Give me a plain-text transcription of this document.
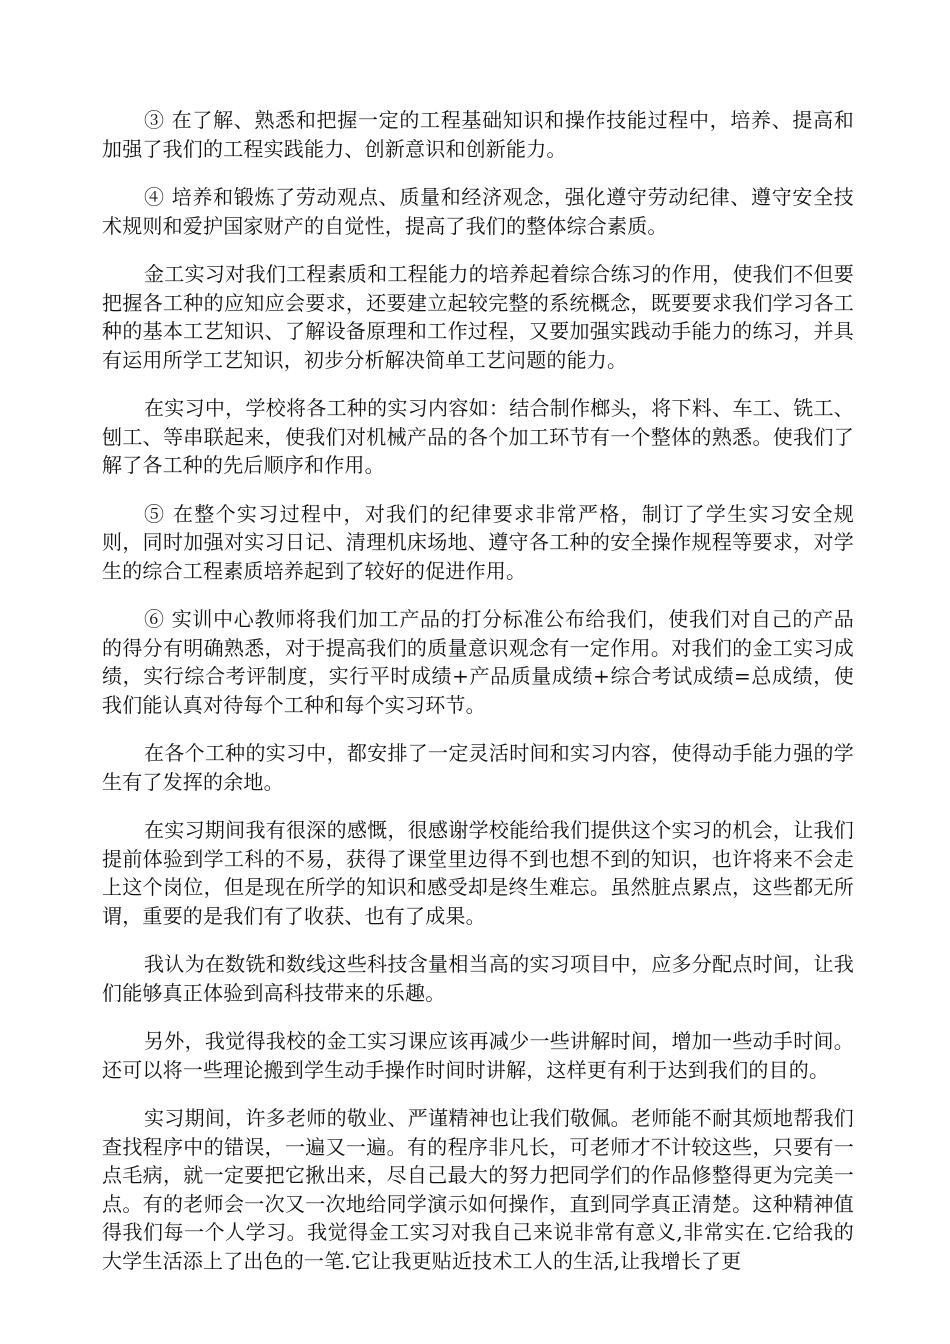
③ 在了解、熟悉和把握一定的工程基础知识和操作技能过程中，培养、提高和加强了我们的工程实践能力、创新意识和创新能力。

④ 培养和锻炼了劳动观点、质量和经济观念，强化遵守劳动纪律、遵守安全技术规则和爱护国家财产的自觉性，提高了我们的整体综合素质。

金工实习对我们工程素质和工程能力的培养起着综合练习的作用，使我们不但要把握各工种的应知应会要求，还要建立起较完整的系统概念，既要要求我们学习各工种的基本工艺知识、了解设备原理和工作过程，又要加强实践动手能力的练习，并具有运用所学工艺知识，初步分析解决简单工艺问题的能力。

在实习中，学校将各工种的实习内容如：结合制作榔头，将下料、车工、铣工、刨工、等串联起来，使我们对机械产品的各个加工环节有一个整体的熟悉。使我们了解了各工种的先后顺序和作用。

⑤ 在整个实习过程中，对我们的纪律要求非常严格，制订了学生实习安全规则，同时加强对实习日记、清理机床场地、遵守各工种的安全操作规程等要求，对学生的综合工程素质培养起到了较好的促进作用。

⑥ 实训中心教师将我们加工产品的打分标准公布给我们，使我们对自己的产品的得分有明确熟悉，对于提高我们的质量意识观念有一定作用。对我们的金工实习成绩，实行综合考评制度，实行平时成绩+产品质量成绩+综合考试成绩=总成绩，使我们能认真对待每个工种和每个实习环节。

在各个工种的实习中，都安排了一定灵活时间和实习内容，使得动手能力强的学生有了发挥的余地。

在实习期间我有很深的感慨，很感谢学校能给我们提供这个实习的机会，让我们提前体验到学工科的不易，获得了课堂里边得不到也想不到的知识，也许将来不会走上这个岗位，但是现在所学的知识和感受却是终生难忘。虽然脏点累点，这些都无所谓，重要的是我们有了收获、也有了成果。

我认为在数铣和数线这些科技含量相当高的实习项目中，应多分配点时间，让我们能够真正体验到高科技带来的乐趣。

另外，我觉得我校的金工实习课应该再减少一些讲解时间，增加一些动手时间。还可以将一些理论搬到学生动手操作时间时讲解，这样更有利于达到我们的目的。

实习期间，许多老师的敬业、严谨精神也让我们敬佩。老师能不耐其烦地帮我们查找程序中的错误，一遍又一遍。有的程序非凡长，可老师才不计较这些，只要有一点毛病，就一定要把它揪出来，尽自己最大的努力把同学们的作品修整得更为完美一点。有的老师会一次又一次地给同学演示如何操作，直到同学真正清楚。这种精神值得我们每一个人学习。我觉得金工实习对我自己来说非常有意义,非常实在.它给我的大学生活添上了出色的一笔.它让我更贴近技术工人的生活,让我增长了更
